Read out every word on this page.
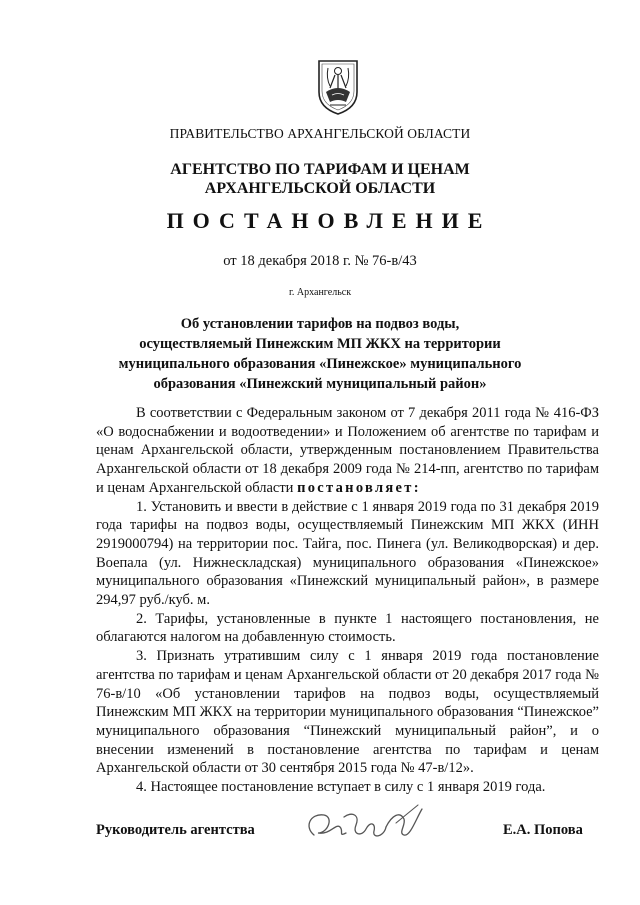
ПРАВИТЕЛЬСТВО АРХАНГЕЛЬСКОЙ ОБЛАСТИ
АГЕНТСТВО ПО ТАРИФАМ И ЦЕНАМ
АРХАНГЕЛЬСКОЙ ОБЛАСТИ
ПОСТАНОВЛЕНИЕ
от 18 декабря 2018 г. № 76-в/43
г. Архангельск
Об установлении тарифов на подвоз воды,
осуществляемый Пинежским МП ЖКХ на территории
муниципального образования «Пинежское» муниципального
образования «Пинежский муниципальный район»

В соответствии с Федеральным законом от 7 декабря 2011 года № 416-ФЗ «О водоснабжении и водоотведении» и Положением об агентстве по тарифам и ценам Архангельской области, утвержденным постановлением Правительства Архангельской области от 18 декабря 2009 года № 214-пп, агентство по тарифам и ценам Архангельской области постановляет:

1. Установить и ввести в действие с 1 января 2019 года по 31 декабря 2019 года тарифы на подвоз воды, осуществляемый Пинежским МП ЖКХ (ИНН 2919000794) на территории пос. Тайга, пос. Пинега (ул. Великодворская) и дер. Воепала (ул. Нижнескладская) муниципального образования «Пинежское» муниципального образования «Пинежский муниципальный район», в размере 294,97 руб./куб. м.

2. Тарифы, установленные в пункте 1 настоящего постановления, не облагаются налогом на добавленную стоимость.

3. Признать утратившим силу с 1 января 2019 года постановление агентства по тарифам и ценам Архангельской области от 20 декабря 2017 года № 76-в/10 «Об установлении тарифов на подвоз воды, осуществляемый Пинежским МП ЖКХ на территории муниципального образования “Пинежское” муниципального образования “Пинежский муниципальный район”, и о внесении изменений в постановление агентства по тарифам и ценам Архангельской области от 30 сентября 2015 года № 47-в/12».

4. Настоящее постановление вступает в силу с 1 января 2019 года.

Руководитель агентства	Е.А. Попова
